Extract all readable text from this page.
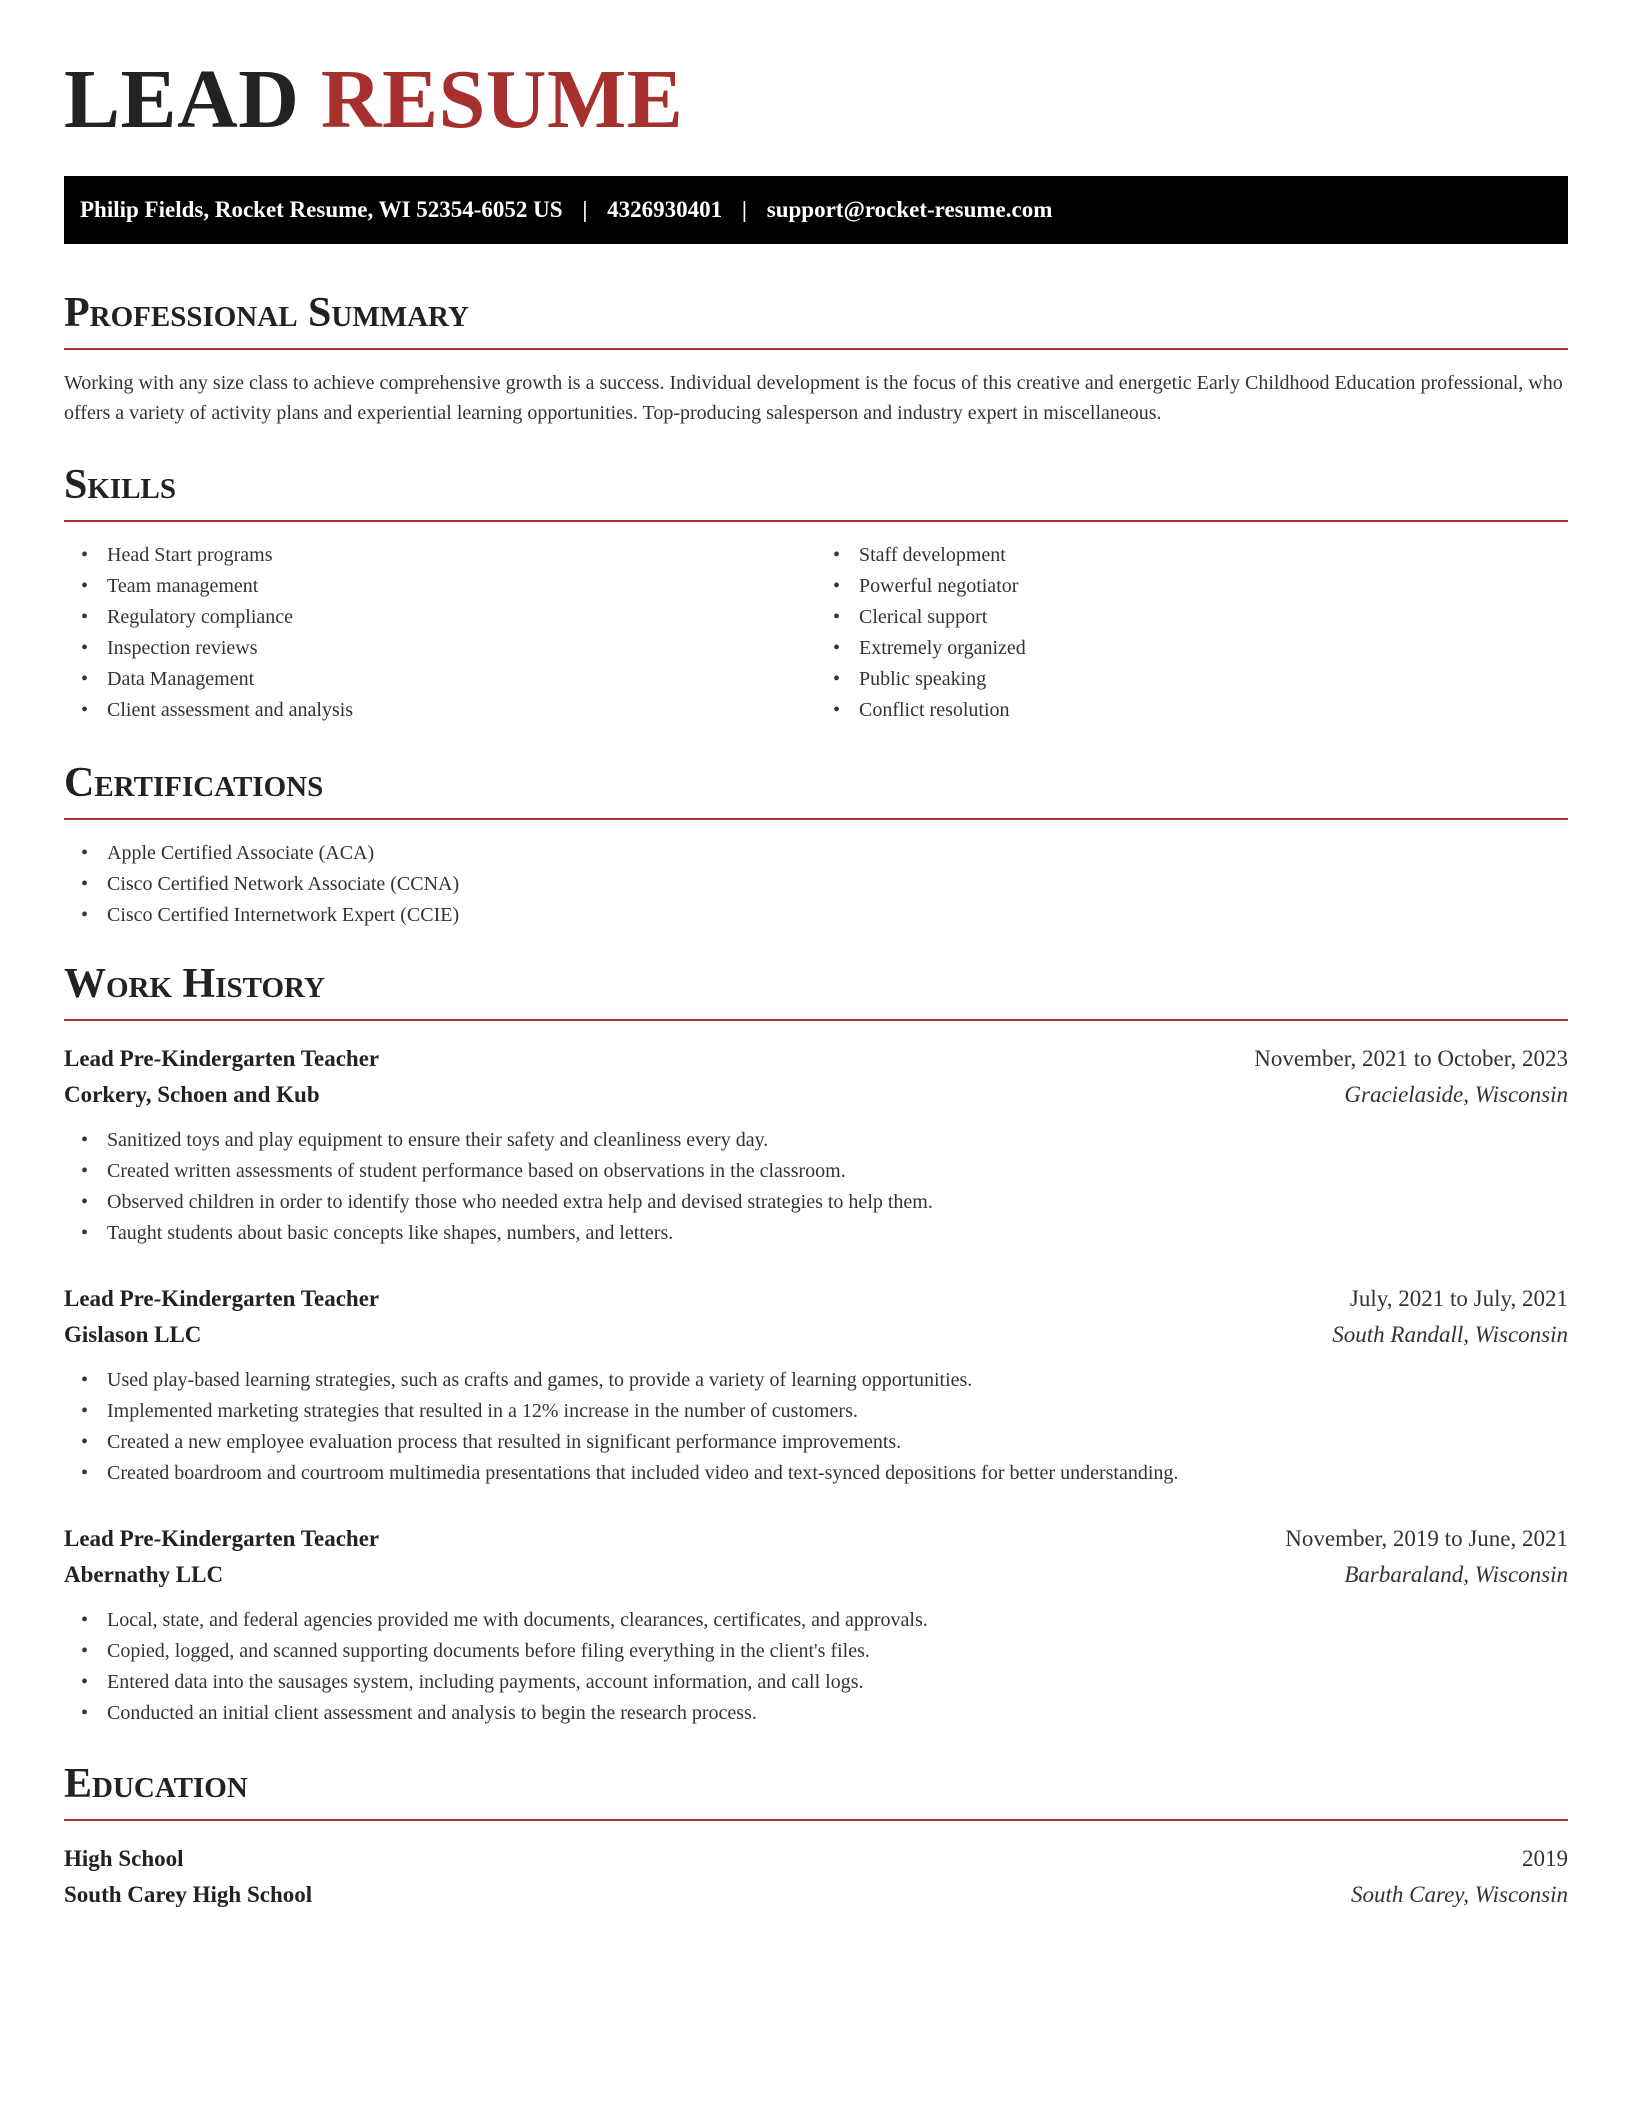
LEAD RESUME
Philip Fields, Rocket Resume, WI 52354-6052 US | 4326930401 | support@rocket-resume.com
Professional Summary

Working with any size class to achieve comprehensive growth is a success. Individual development is the focus of this creative and energetic Early Childhood Education professional, who offers a variety of activity plans and experiential learning opportunities. Top-producing salesperson and industry expert in miscellaneous.

Skills
• Head Start programs
• Team management
• Regulatory compliance
• Inspection reviews
• Data Management
• Client assessment and analysis
• Staff development
• Powerful negotiator
• Clerical support
• Extremely organized
• Public speaking
• Conflict resolution
Certifications
• Apple Certified Associate (ACA)
• Cisco Certified Network Associate (CCNA)
• Cisco Certified Internetwork Expert (CCIE)
Work History
Lead Pre-Kindergarten Teacher	November, 2021 to October, 2023
Corkery, Schoen and Kub	Gracielaside, Wisconsin
• Sanitized toys and play equipment to ensure their safety and cleanliness every day.
• Created written assessments of student performance based on observations in the classroom.
• Observed children in order to identify those who needed extra help and devised strategies to help them.
• Taught students about basic concepts like shapes, numbers, and letters.
Lead Pre-Kindergarten Teacher	July, 2021 to July, 2021
Gislason LLC	South Randall, Wisconsin
• Used play-based learning strategies, such as crafts and games, to provide a variety of learning opportunities.
• Implemented marketing strategies that resulted in a 12% increase in the number of customers.
• Created a new employee evaluation process that resulted in significant performance improvements.
• Created boardroom and courtroom multimedia presentations that included video and text-synced depositions for better understanding.
Lead Pre-Kindergarten Teacher	November, 2019 to June, 2021
Abernathy LLC	Barbaraland, Wisconsin
• Local, state, and federal agencies provided me with documents, clearances, certificates, and approvals.
• Copied, logged, and scanned supporting documents before filing everything in the client's files.
• Entered data into the sausages system, including payments, account information, and call logs.
• Conducted an initial client assessment and analysis to begin the research process.
Education
High School	2019
South Carey High School	South Carey, Wisconsin
